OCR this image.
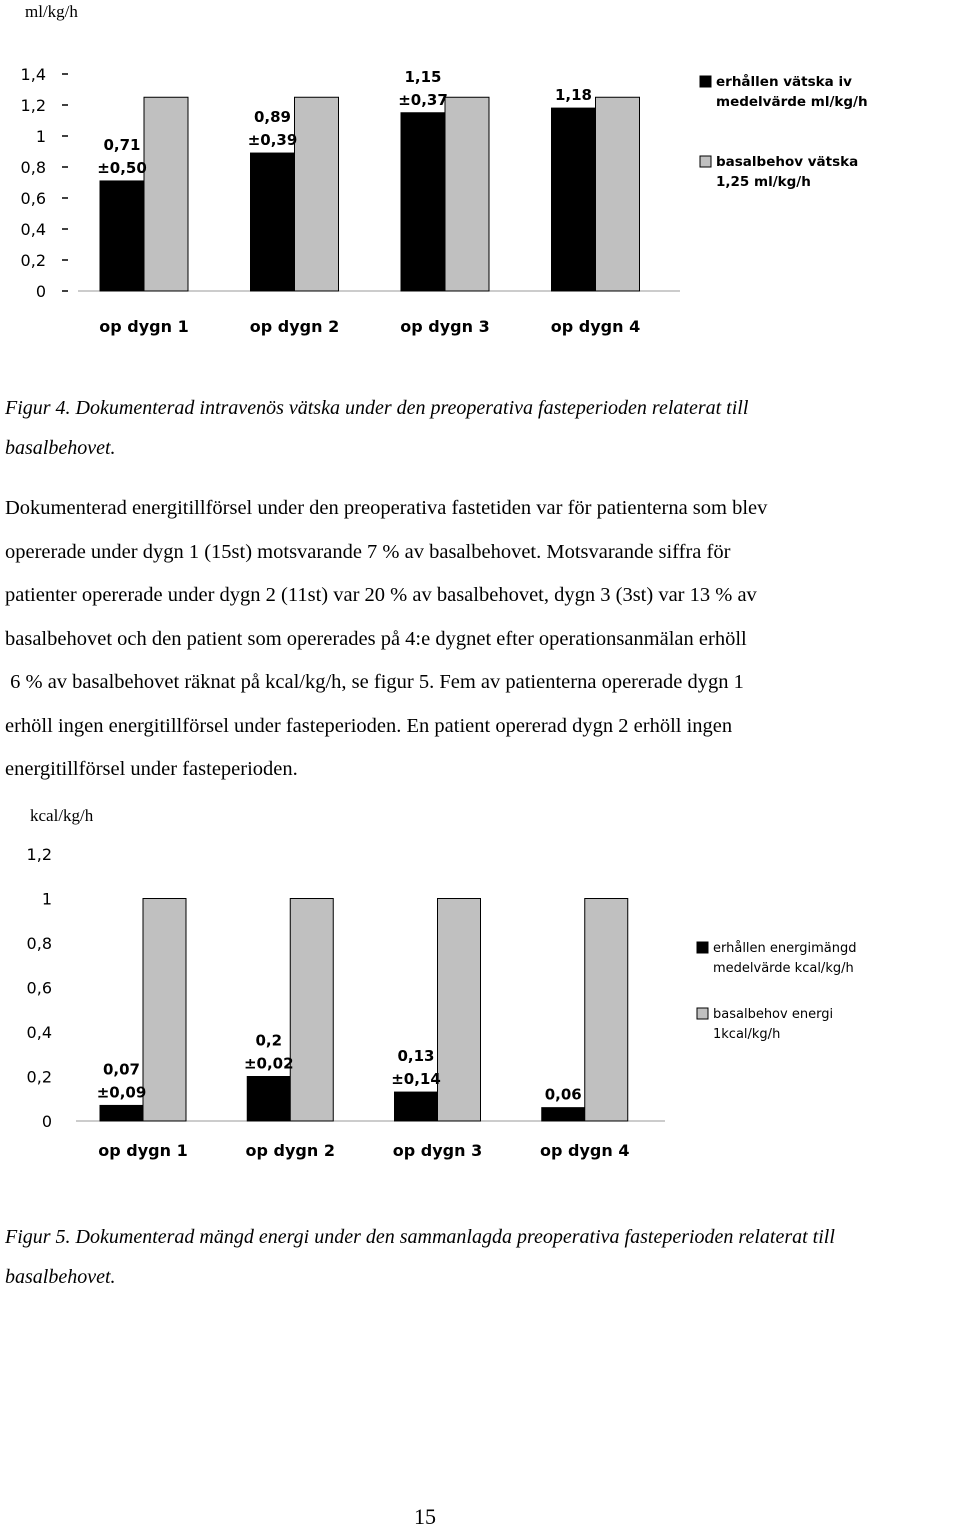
ml/kg/h
0
0,2
0,4
0,6
0,8
1
1,2
1,4
0,71
±0,50
op dygn 1
0,89
±0,39
op dygn 2
1,15
±0,37
op dygn 3
1,18
op dygn 4
erhållen vätska iv
medelvärde ml/kg/h
basalbehov vätska
1,25 ml/kg/h
Figur 4. Dokumenterad intravenös vätska under den preoperativa fasteperioden relaterat till
basalbehovet.
Dokumenterad energitillförsel under den preoperativa fastetiden var för patienterna som blev
opererade under dygn 1 (15st) motsvarande 7 % av basalbehovet. Motsvarande siffra för
patienter opererade under dygn 2 (11st) var 20 % av basalbehovet, dygn 3 (3st) var 13 % av
basalbehovet och den patient som opererades på 4:e dygnet efter operationsanmälan erhöll
6 % av basalbehovet räknat på kcal/kg/h, se figur 5. Fem av patienterna opererade dygn 1
erhöll ingen energitillförsel under fasteperioden. En patient opererad dygn 2 erhöll ingen
energitillförsel under fasteperioden.
kcal/kg/h
0
0,2
0,4
0,6
0,8
1
1,2
0,07
±0,09
op dygn 1
0,2
±0,02
op dygn 2
0,13
±0,14
op dygn 3
0,06
op dygn 4
erhållen energimängd
medelvärde kcal/kg/h
basalbehov energi
1kcal/kg/h
Figur 5. Dokumenterad mängd energi under den sammanlagda preoperativa fasteperioden relaterat till
basalbehovet.
15
